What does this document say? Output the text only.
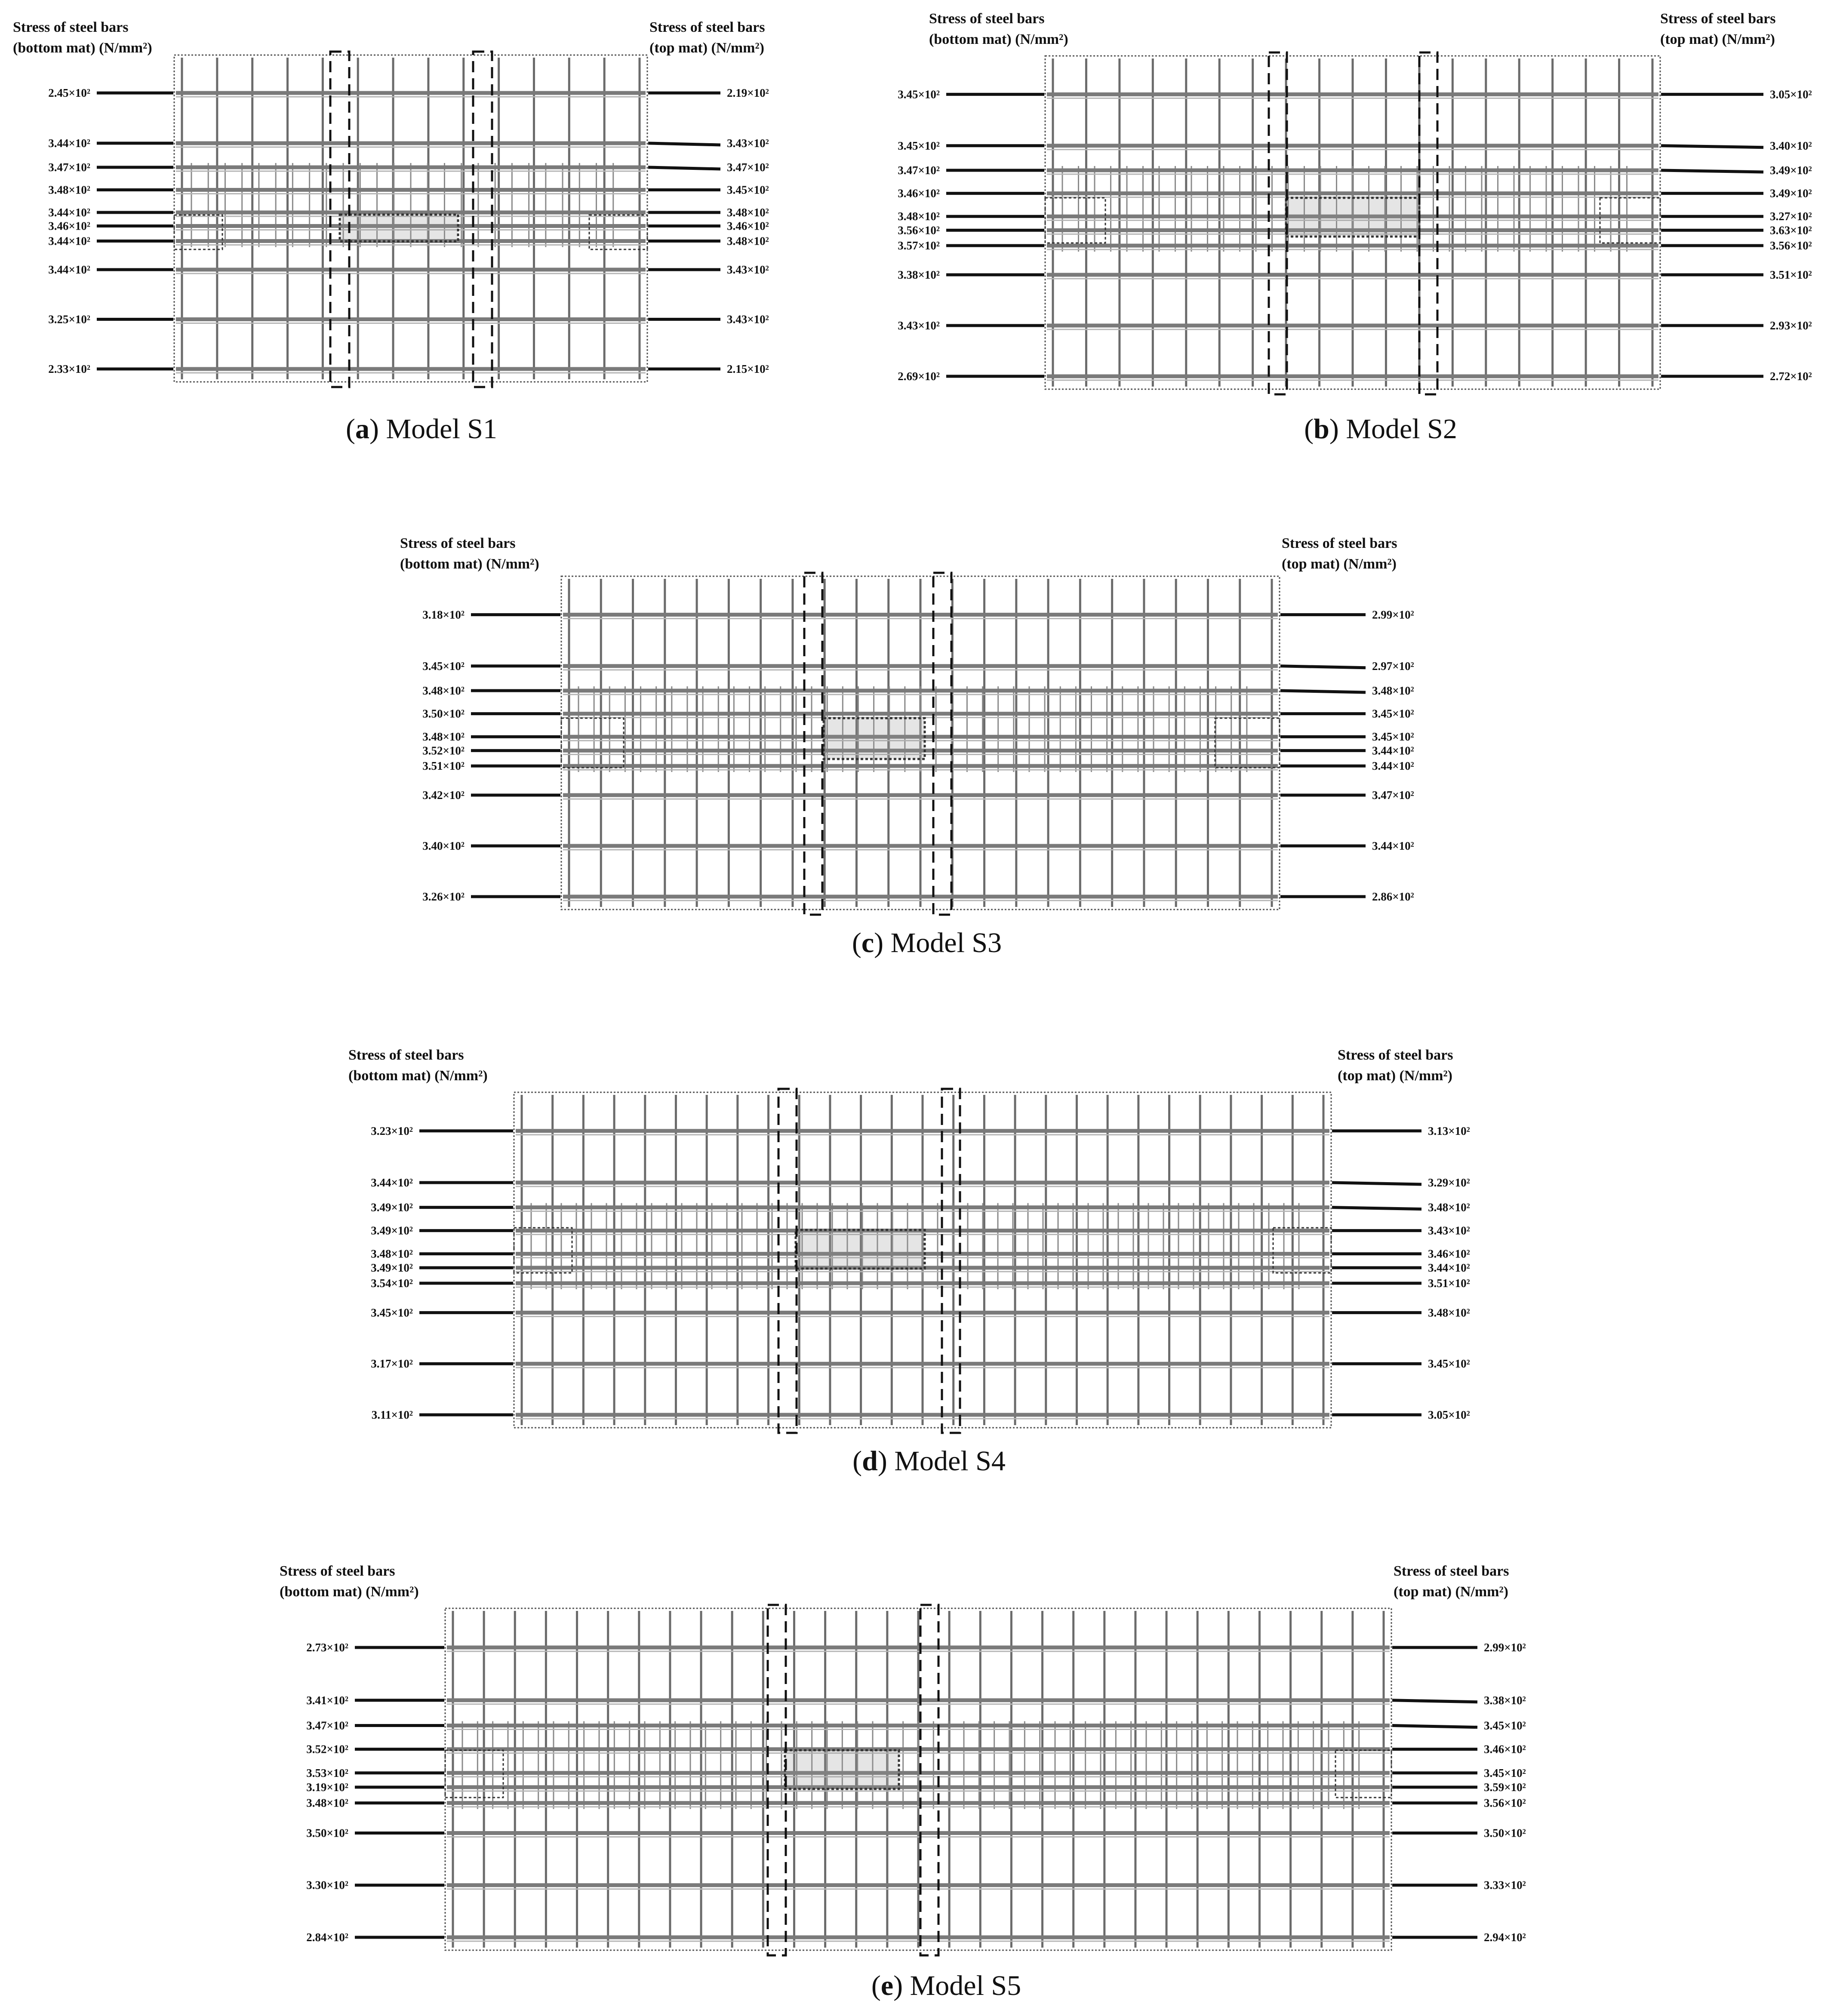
Stress of steel bars
(bottom mat) (N/mm²)
Stress of steel bars
(top mat) (N/mm²)
2.45×10²
3.44×10²
3.47×10²
3.48×10²
3.44×10²
3.46×10²
3.44×10²
3.44×10²
3.25×10²
2.33×10²
2.19×10²
3.43×10²
3.47×10²
3.45×10²
3.48×10²
3.46×10²
3.48×10²
3.43×10²
3.43×10²
2.15×10²
(a) Model S1
Stress of steel bars
(bottom mat) (N/mm²)
Stress of steel bars
(top mat) (N/mm²)
3.45×10²
3.45×10²
3.47×10²
3.46×10²
3.48×10²
3.56×10²
3.57×10²
3.38×10²
3.43×10²
2.69×10²
3.05×10²
3.40×10²
3.49×10²
3.49×10²
3.27×10²
3.63×10²
3.56×10²
3.51×10²
2.93×10²
2.72×10²
(b) Model S2
Stress of steel bars
(bottom mat) (N/mm²)
Stress of steel bars
(top mat) (N/mm²)
3.18×10²
3.45×10²
3.48×10²
3.50×10²
3.48×10²
3.52×10²
3.51×10²
3.42×10²
3.40×10²
3.26×10²
2.99×10²
2.97×10²
3.48×10²
3.45×10²
3.45×10²
3.44×10²
3.44×10²
3.47×10²
3.44×10²
2.86×10²
(c) Model S3
Stress of steel bars
(bottom mat) (N/mm²)
Stress of steel bars
(top mat) (N/mm²)
3.23×10²
3.44×10²
3.49×10²
3.49×10²
3.48×10²
3.49×10²
3.54×10²
3.45×10²
3.17×10²
3.11×10²
3.13×10²
3.29×10²
3.48×10²
3.43×10²
3.46×10²
3.44×10²
3.51×10²
3.48×10²
3.45×10²
3.05×10²
(d) Model S4
Stress of steel bars
(bottom mat) (N/mm²)
Stress of steel bars
(top mat) (N/mm²)
2.73×10²
3.41×10²
3.47×10²
3.52×10²
3.53×10²
3.19×10²
3.48×10²
3.50×10²
3.30×10²
2.84×10²
2.99×10²
3.38×10²
3.45×10²
3.46×10²
3.45×10²
3.59×10²
3.56×10²
3.50×10²
3.33×10²
2.94×10²
(e) Model S5
